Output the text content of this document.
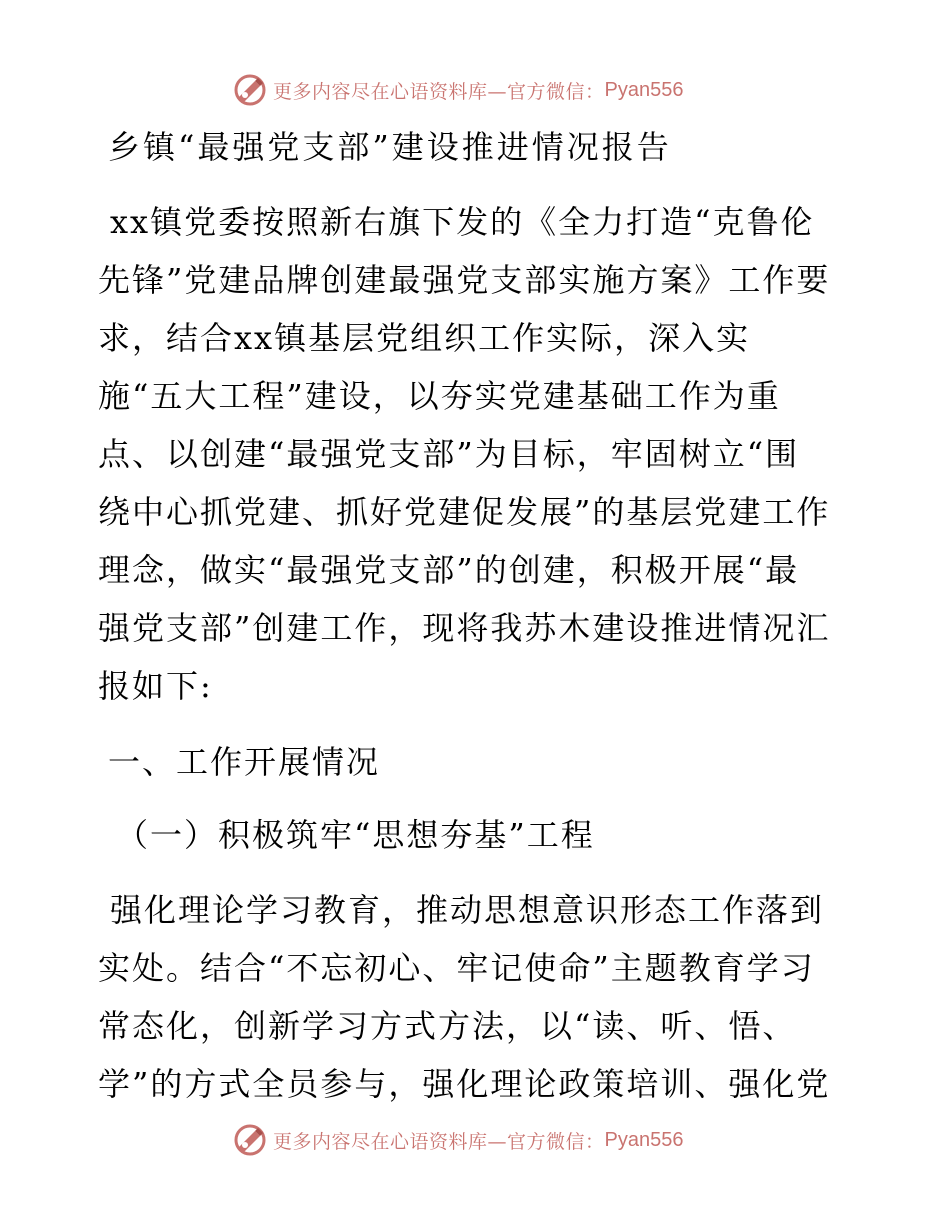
更多内容尽在心语资料库—官方微信： Pyan556
乡镇“最强党支部”建设推进情况报告
xx镇党委按照新右旗下发的《全力打造“克鲁伦
先锋”党建品牌创建最强党支部实施方案》工作要
求，结合xx镇基层党组织工作实际，深入实
施“五大工程”建设，以夯实党建基础工作为重
点、以创建“最强党支部”为目标，牢固树立“围
绕中心抓党建、抓好党建促发展”的基层党建工作
理念，做实“最强党支部”的创建，积极开展“最
强党支部”创建工作，现将我苏木建设推进情况汇
报如下:
一、工作开展情况
（一）积极筑牢“思想夯基”工程
强化理论学习教育，推动思想意识形态工作落到
实处。结合“不忘初心、牢记使命”主题教育学习
常态化，创新学习方式方法，以“读、听、悟、
学”的方式全员参与，强化理论政策培训、强化党
更多内容尽在心语资料库—官方微信： Pyan556
